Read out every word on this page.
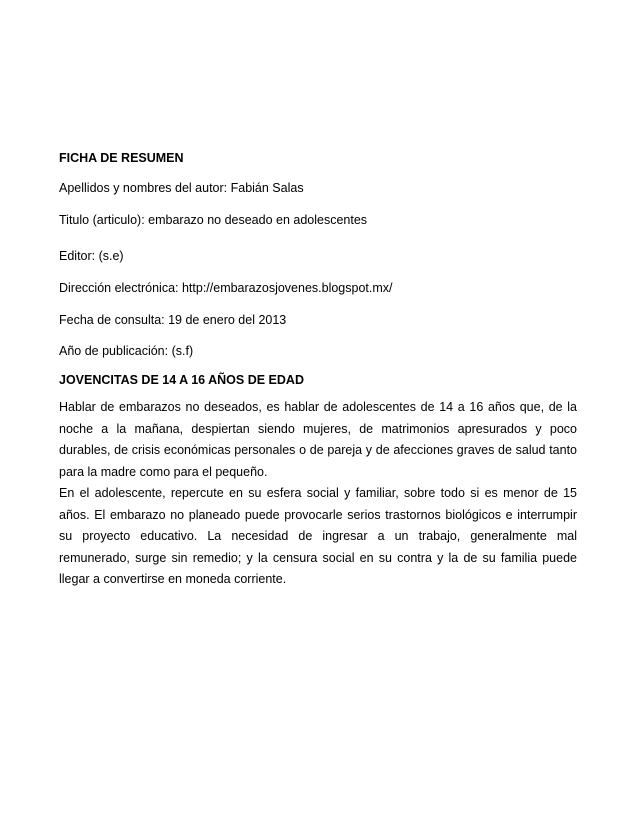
FICHA DE RESUMEN
Apellidos y nombres del autor: Fabián Salas
Titulo (articulo): embarazo no deseado en adolescentes
Editor: (s.e)
Dirección electrónica: http://embarazosjovenes.blogspot.mx/
Fecha de consulta: 19 de enero del 2013
Año de publicación: (s.f)
JOVENCITAS DE 14 A 16 AÑOS DE EDAD
Hablar de embarazos no deseados, es hablar de adolescentes de 14 a 16 años que, de la noche a la mañana, despiertan siendo mujeres, de matrimonios apresurados y poco durables, de crisis económicas personales o de pareja y de afecciones graves de salud tanto para la madre como para el pequeño.
En el adolescente, repercute en su esfera social y familiar, sobre todo si es menor de 15 años. El embarazo no planeado puede provocarle serios trastornos biológicos e interrumpir su proyecto educativo. La necesidad de ingresar a un trabajo, generalmente mal remunerado, surge sin remedio; y la censura social en su contra y la de su familia puede llegar a convertirse en moneda corriente.
